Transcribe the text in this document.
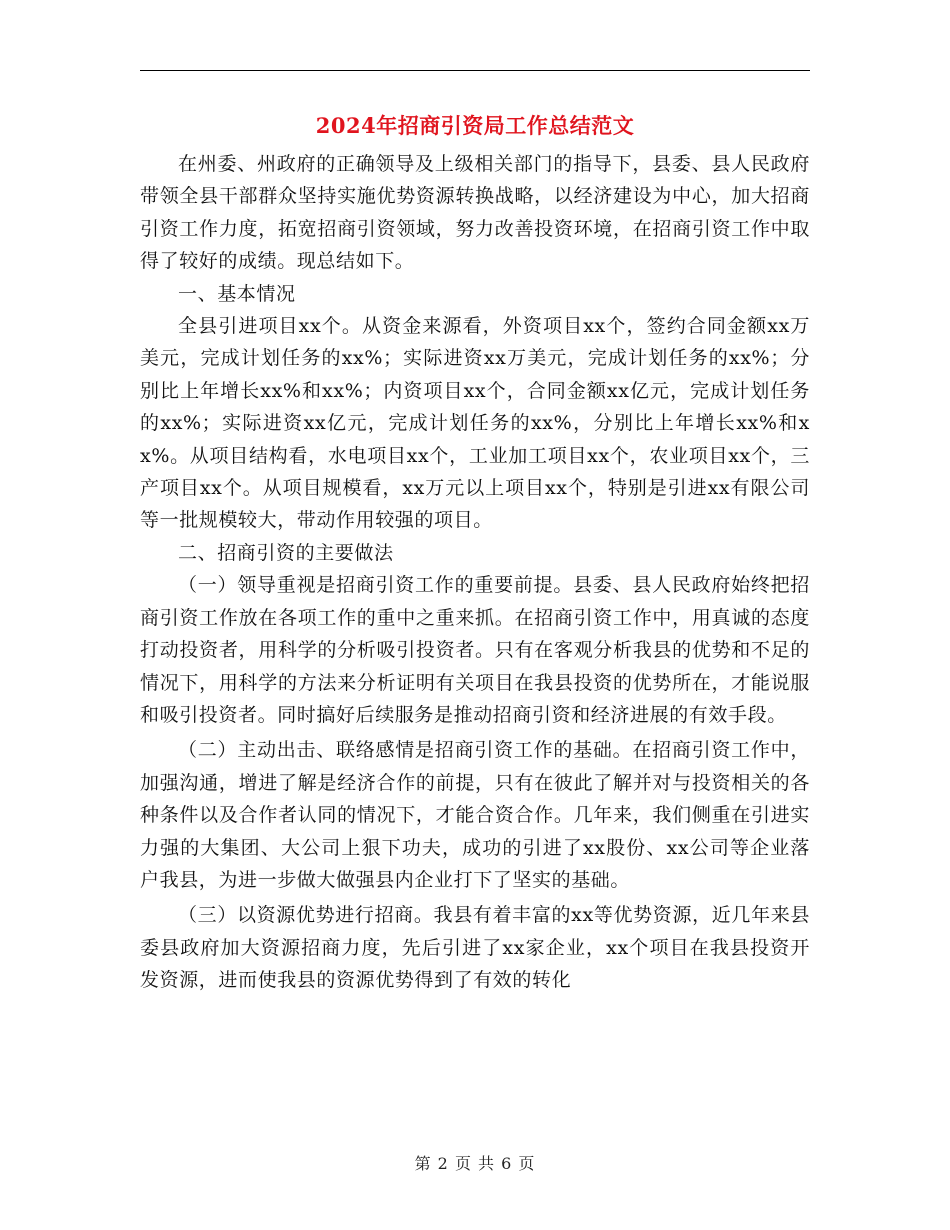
2024年招商引资局工作总结范文

在州委、州政府的正确领导及上级相关部门的指导下，县委、县人民政府带领全县干部群众坚持实施优势资源转换战略，以经济建设为中心，加大招商引资工作力度，拓宽招商引资领域，努力改善投资环境，在招商引资工作中取得了较好的成绩。现总结如下。

一、基本情况

全县引进项目xx个。从资金来源看，外资项目xx个，签约合同金额xx万美元，完成计划任务的xx%；实际进资xx万美元，完成计划任务的xx%；分别比上年增长xx%和xx%；内资项目xx个，合同金额xx亿元，完成计划任务的xx%；实际进资xx亿元，完成计划任务的xx%，分别比上年增长xx%和xx%。从项目结构看，水电项目xx个，工业加工项目xx个，农业项目xx个，三产项目xx个。从项目规模看，xx万元以上项目xx个，特别是引进xx有限公司等一批规模较大，带动作用较强的项目。

二、招商引资的主要做法

（一）领导重视是招商引资工作的重要前提。县委、县人民政府始终把招商引资工作放在各项工作的重中之重来抓。在招商引资工作中，用真诚的态度打动投资者，用科学的分析吸引投资者。只有在客观分析我县的优势和不足的情况下，用科学的方法来分析证明有关项目在我县投资的优势所在，才能说服和吸引投资者。同时搞好后续服务是推动招商引资和经济进展的有效手段。

（二）主动出击、联络感情是招商引资工作的基础。在招商引资工作中，加强沟通，增进了解是经济合作的前提，只有在彼此了解并对与投资相关的各种条件以及合作者认同的情况下，才能合资合作。几年来，我们侧重在引进实力强的大集团、大公司上狠下功夫，成功的引进了xx股份、xx公司等企业落户我县，为进一步做大做强县内企业打下了坚实的基础。

（三）以资源优势进行招商。我县有着丰富的xx等优势资源，近几年来县委县政府加大资源招商力度，先后引进了xx家企业，xx个项目在我县投资开发资源，进而使我县的资源优势得到了有效的转化

第 2 页 共 6 页
